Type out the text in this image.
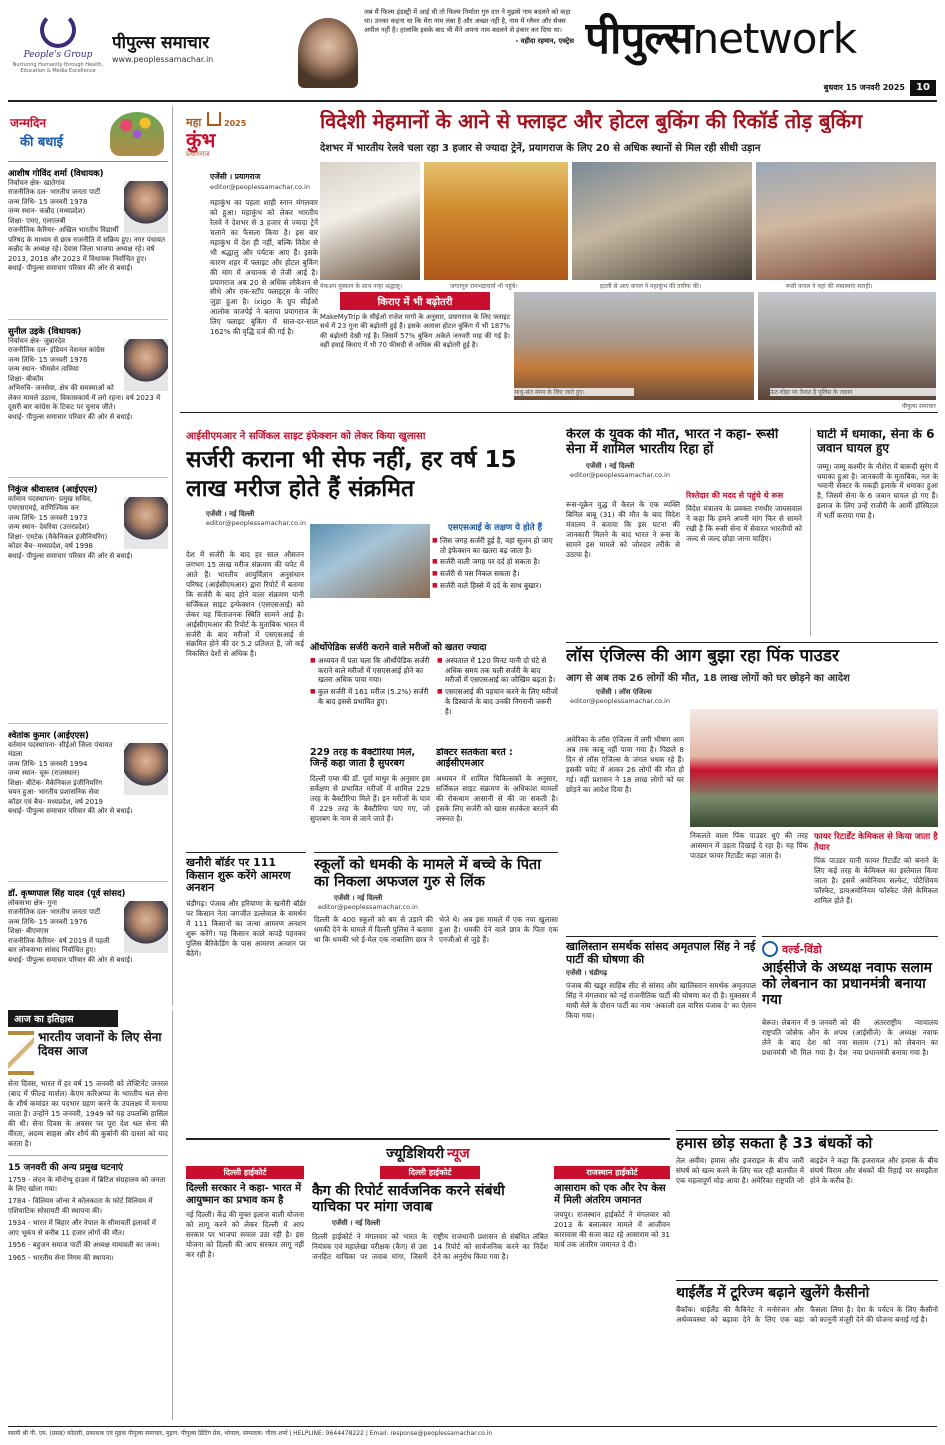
People's Group
Nurturing Humanity through Health, Education & Media Excellence
पीपुल्स समाचार
www.peoplessamachar.in
जब मैं फिल्म इंडस्ट्री में आई थी तो फिल्म निर्माता गुरु दत्त ने मुझसे नाम बदलने को कहा था। उनका कहना था कि मेरा नाम लंबा है और अच्छा नहीं है, नाम में ग्लैमर और सेक्स अपील नहीं है। हालांकि इसके बाद भी मैंने अपना नाम बदलने से इंकार कर दिया था।
- वहीदा रहमान, एक्ट्रेस पीपुल्सnetwork
बुधवार 15 जनवरी 2025	10
जन्मदिन
की बधाई
आशीष गोविंद शर्मा (विधायक)
निर्वाचन क्षेत्र- खातेगांव
राजनीतिक दल- भारतीय जनता पार्टी
जन्म तिथि- 15 जनवरी 1978
जन्म स्थान- कन्नौद (मध्यप्रदेश)
शिक्षा- एमए, एलएलबी
राजनीतिक कैरियर- अखिल भारतीय विद्यार्थी परिषद के माध्यम से छात्र राजनीति में सक्रिय हुए। नगर पंचायत कन्नौद के अध्यक्ष रहे। देवास जिला भाजपा अध्यक्ष रहे। वर्ष 2013, 2018 और 2023 में विधायक निर्वाचित हुए।
बधाई- पीपुल्स समाचार परिवार की ओर से बधाई।
सुनील उइके (विधायक)
निर्वाचन क्षेत्र- जुन्नारदेव
राजनीतिक दल- इंडियन नेशनल कांग्रेस
जन्म तिथि- 15 जनवरी 1976
जन्म स्थान- भीमसेन तामिया
शिक्षा- बीकॉम
अभिरुचि- जनसेवा, क्षेत्र की समस्याओं को लेकर मामले उठाना, विकासकार्य में लगे रहना। वर्ष 2023 में दूसरी बार कांग्रेस के टिकट पर चुनाव जीते।
बधाई- पीपुल्स समाचार परिवार की ओर से बधाई।
निकुंज श्रीवास्तव (आईएएस)
वर्तमान पदस्थापना- प्रमुख सचिव, एमएसएमई, वाणिज्यिक कर
जन्म तिथि- 15 जनवरी 1973
जन्म स्थान- देवरिया (उत्तरप्रदेश)
शिक्षा- एमटेक (मैकेनिकल इंजीनियरिंग)
कोडर बैच- मध्यप्रदेश, वर्ष 1998
बधाई- पीपुल्स समाचार परिवार की ओर से बधाई।
श्वेतांक कुमार (आईएएस)
वर्तमान पदस्थापना- सीईओ जिला पंचायत मंडला
जन्म तिथि- 15 जनवरी 1994
जन्म स्थान- चूरू (राजस्थान)
शिक्षा- बीटेक- मैकेनिकल इंजीनियरिंग
चयन हुआ- भारतीय प्रशासनिक सेवा
कॉडर एवं बैच- मध्यप्रदेश, वर्ष 2019
बधाई- पीपुल्स समाचार परिवार की ओर से बधाई।
डॉ. कृष्णपाल सिंह यादव (पूर्व सांसद)
लोकसभा क्षेत्र- गुना
राजनीतिक दल- भारतीय जनता पार्टी
जन्म तिथि- 15 जनवरी 1976
शिक्षा- बीएमएस
राजनीतिक कैरियर- वर्ष 2019 में पहली बार लोकसभा सांसद निर्वाचित हुए।
बधाई- पीपुल्स समाचार परिवार की ओर से बधाई।
आज का इतिहास
भारतीय जवानों के लिए सेना दिवस आज
सेना दिवस, भारत में हर वर्ष 15 जनवरी को लेफ्टिनेंट जनरल (बाद में फील्ड मार्शल) केएम करिअप्पा के भारतीय थल सेना के शीर्ष कमांडर का पदभार ग्रहण करने के उपलक्ष्य में मनाया जाता है। उन्होंने 15 जनवरी, 1949 को यह उपलब्धि हासिल की थी। सेना दिवस के अवसर पर पूरा देश थल सेना की वीरता, अदम्य साहस और शौर्य की कुर्बानी की दास्तां को याद करता है।
15 जनवरी की अन्य प्रमुख घटनाएं
1759 - लंदन के मॉन्टेग्यू हाउस में ब्रिटिश संग्रहालय को जनता के लिए खोला गया।
1784 - विलियम जोन्स ने कोलकाता के फोर्ट विलियम में एशियाटिक सोसायटी की स्थापना की।
1934 - भारत में बिहार और नेपाल के सीमावर्ती इलाकों में आए भूकंप से करीब 11 हजार लोगों की मौत।
1956 - बहुजन समाज पार्टी की अध्यक्ष मायावती का जन्म।
1965 - भारतीय सेना निगम की स्थापना।
महा	2025
कुंभ
प्रयागराज
विदेशी मेहमानों के आने से फ्लाइट और होटल बुकिंग की रिकॉर्ड तोड़ बुकिंग
देशभर में भारतीय रेलवे चला रहा 3 हजार से ज्यादा ट्रेनें, प्रयागराज के लिए 20 से अधिक स्थानों से मिल रही सीधी उड़ान
एजेंसी । प्रयागराज
editor@peoplessamachar.co.in
महाकुंभ का पहला शाही स्नान मंगलवार को हुआ। महाकुंभ को लेकर भारतीय रेलवे ने देशभर से 3 हजार से ज्यादा ट्रेनें चलाने का फैसला किया है। इस बार महाकुंभ में देश ही नहीं, बल्कि विदेश से भी श्रद्धालु और पर्यटक आए हैं। इसके कारण शहर में फ्लाइट और होटल बुकिंग की मांग में अचानक से तेजी आई है। प्रयागराज अब 20 से अधिक लोकेशन से सीधे और एक-स्टॉप फ्लाइट्स के जरिए जुड़ा हुआ है। ixigo के ग्रुप सीईओ आलोक वाजपेई ने बताया प्रयागराज के लिए फ्लाइट बुकिंग में साल-दर-साल 162% की वृद्धि दर्ज की गई है।
मेकअप मुस्कान के साथ नन्हा श्रद्धालु।	जगतगुरु रामभद्राचार्य भी पहुंचे।	इटली से आए कपल ने महाकुंभ की तारीफ की।	रूसी कपल ने यहां की व्यवस्थाएं सराही।
किराए में भी बढ़ोतरी
MakeMyTrip के सीईओ राजेश मागो के अनुसार, प्रयागराज के लिए फ्लाइट सर्च में 23 गुना की बढ़ोतरी हुई है। इसके अलावा होटल बुकिंग में भी 187% की बढ़ोतरी देखी गई है। जिसमें 57% बुकिंग अकेले जनवरी माह की गई है। वहीं हवाई किराए में भी 70 फीसदी से अधिक की बढ़ोतरी हुई है।
साधु-संत स्नान के लिए जाते हुए।	ऊंट-घोड़ा पर तैनात है पुलिस के जवान
पीपुल्स समाचार
आईसीएमआर ने सर्जिकल साइट इंफेक्शन को लेकर किया खुलासा
सर्जरी कराना भी सेफ नहीं, हर वर्ष 15 लाख मरीज होते हैं संक्रमित
एजेंसी । नई दिल्ली
editor@peoplessamachar.co.in
देश में सर्जरी के बाद हर साल औसतन लगभग 15 लाख मरीज संक्रमण की चपेट में आते हैं। भारतीय आयुर्विज्ञान अनुसंधान परिषद (आईसीएमआर) द्वारा रिपोर्ट में बताया कि सर्जरी के बाद होने वाला संक्रमण यानी सर्जिकल साइट इन्फेक्शन (एसएसआई) को लेकर यह चिंताजनक स्थिति सामने आई है। आईसीएमआर की रिपोर्ट के मुताबिक भारत में सर्जरी के बाद मरीजों में एसएसआई से संक्रमित होने की दर 5.2 प्रतिशत है, जो कई विकसित देशों से अधिक है।
एसएसआई के लक्षण ये होते हैं
■ जिस जगह सर्जरी हुई है, वहां सूजन हो जाए तो इंफेक्शन का खतरा बढ़ जाता है।
■ सर्जरी वाली जगह पर दर्द हो सकता है।
■ सर्जरी से पस निकल सकता है।
■ सर्जरी वाले हिस्से में दर्द के साथ बुखार।
ऑर्थोपेडिक सर्जरी कराने वाले मरीजों को खतरा ज्यादा
■ अध्ययन में पता चला कि ऑर्थोपेडिक सर्जरी कराने वाले मरीजों में एसएसआई होने का खतरा अधिक पाया गया।
■ कुल सर्जरी में 161 मरीज (5.2%) सर्जरी के बाद इससे प्रभावित हुए।
■ अस्पताल में 120 मिनट यानी दो घंटे से अधिक समय तक चली सर्जरी के बाद मरीजों में एसएसआई का जोखिम बढ़ता है।
■ एसएसआई की पहचान करने के लिए मरीजों के डिस्चार्ज के बाद उनकी निगरानी जरूरी है।
229 तरह के बैक्टीरिया मिले, जिन्हें कहा जाता है सुपरबग
दिल्ली एम्स की डॉ. पूर्वा माथुर के अनुसार इस सर्वेक्षण से प्रभावित मरीजों में शामिल 229 तरह के बैक्टीरिया मिले हैं। इन मरीजों के घाव में 229 तरह के बैक्टीरिया पाए गए, जो सुपरबग के नाम से जाने जाते हैं।
डॉक्टर सतर्कता बरतें : आईसीएमआर
अध्ययन में शामिल चिकित्सकों के अनुसार, सर्जिकल साइट संक्रमण के अधिकांश मामलों की रोकथाम आसानी से की जा सकती है। इसके लिए सर्जरी को खास सतर्कता बरतने की जरूरत है।
केरल के युवक की मौत, भारत ने कहा- रूसी सेना में शामिल भारतीय रिहा हों
एजेंसी । नई दिल्ली
editor@peoplessamachar.co.in
रूस-यूक्रेन युद्ध में केरल के एक व्यक्ति बिनिल बाबू (31) की मौत के बाद विदेश मंत्रालय ने बताया कि इस घटना की जानकारी मिलने के बाद भारत ने रूस के सामने इस मामले को जोरदार तरीके से उठाया है।
रिश्तेदार की मदद से पहुंचे थे रूस
विदेश मंत्रालय के प्रवक्ता रणधीर जायसवाल ने कहा कि हमने अपनी मांग फिर से सामने रखी है कि रूसी सेना में सेवारत भारतीयों को जल्द से जल्द छोड़ा जाना चाहिए।
घाटी में धमाका, सेना के 6 जवान घायल हुए
जम्मू। जम्मू कश्मीर के नौशेरा में बारूदी सुरंग में धमाका हुआ है। जानकारी के मुताबिक, नल के भवानी सेक्टर के मकड़ी इलाके में धमाका हुआ है, जिसमें सेना के 6 जवान घायल हो गए हैं। इलाज के लिए उन्हें राजौरी के आर्मी हॉस्पिटल में भर्ती कराया गया है।
लॉस एंजिल्स की आग बुझा रहा पिंक पाउडर
आग से अब तक 26 लोगों की मौत, 18 लाख लोगों को घर छोड़ने का आदेश
एजेंसी । लॉस एंजिल्स
editor@peoplessamachar.co.in
अमेरिका के लॉस एंजिल्स में लगी भीषण आग अब तक काबू नहीं पाया गया है। पिछले 8 दिन से लॉस एंजिल्स के जंगल धधक रहे हैं। इसकी चपेट में आकर 26 लोगों की मौत हो गई। वहीं प्रशासन ने 18 लाख लोगों को घर छोड़ने का आदेश दिया है।
निकलते वाला पिंक पाउडर धुएं की तरह आसमान में उड़ता दिखाई दे रहा है। यह पिंक पाउडर फायर रिटार्डेंट कहा जाता है।
फायर रिटार्डेंट केमिकल से किया जाता है तैयार
पिंक पाउडर यानी फायर रिटार्डेंट को बनाने के लिए कई तरह के केमिकल का इस्तेमाल किया जाता है। इसमें अमोनियम सल्फेट, पोटैशियम फॉस्फेट, डायअमोनियम फॉस्फेट जैसे केमिकल शामिल होते हैं।
खनौरी बॉर्डर पर 111 किसान शुरू करेंगे आमरण अनशन
चंडीगढ़। पंजाब और हरियाणा के खनौरी बॉर्डर पर किसान नेता जगजीत डल्लेवाल के समर्थन में 111 किसानों का जत्था आमरण अनशन शुरू करेंगे। यह किसान काले कपड़े पहनकर पुलिस बैरिकेडिंग के पास आमरण अनशन पर बैठेंगे।
स्कूलों को धमकी के मामले में बच्चे के पिता का निकला अफजल गुरु से लिंक
एजेंसी । नई दिल्ली
editor@peoplessamachar.co.in
दिल्ली के 400 स्कूलों को बम से उड़ाने की धमकी देने के मामले में दिल्ली पुलिस ने बताया था कि धमकी भरे ई-मेल एक नाबालिग छात्र ने भेजे थे। अब इस मामले में एक नया खुलासा हुआ है। धमकी देने वाले छात्र के पिता एक एनजीओ से जुड़े हैं।
खालिस्तान समर्थक सांसद अमृतपाल सिंह ने नई पार्टी की घोषणा की
एजेंसी । चंडीगढ़
पंजाब की खडूर साहिब सीट से सांसद और खालिस्तान समर्थक अमृतपाल सिंह ने मंगलवार को नई राजनीतिक पार्टी की घोषणा कर दी है। मुक्तसर में माघी मेले के दौरान पार्टी का नाम 'अकाली दल वारिस पंजाब दे' का ऐलान किया गया।
वर्ल्ड-विंडो
आईसीजे के अध्यक्ष नवाफ सलाम को लेबनान का प्रधानमंत्री बनाया गया
बेरूत। लेबनान में 9 जनवरी को राष्ट्रपति जोसेफ औन के शपथ लेने के बाद देश को नया प्रधानमंत्री भी मिल गया है। देश की अंतरराष्ट्रीय न्यायालय (आईसीजे) के अध्यक्ष नवाफ सलाम (71) को लेबनान का नया प्रधानमंत्री बनाया गया है।
हमास छोड़ सकता है 33 बंधकों को
तेल अवीव। हमास और इजराइल के बीच जारी संघर्ष को खत्म करने के लिए चल रही बातचीत में एक महत्वपूर्ण मोड़ आया है। अमेरिका राष्ट्रपति जो बाइडेन ने कहा कि इजरायल और हमास के बीच संघर्ष विराम और बंधकों की रिहाई पर समझौता होने के करीब है।
थाईलैंड में टूरिज्म बढ़ाने खुलेंगे कैसीनो
बैंकॉक। थाईलैंड की कैबिनेट ने मनोरंजन और अर्थव्यवस्था को बढ़ावा देने के लिए एक बड़ा फैसला लिया है। देश के पर्यटन के लिए कैसीनो को कानूनी मंजूरी देने की योजना बनाई गई है।
ज्यूडिशियरी न्यूज
दिल्ली हाईकोर्ट
दिल्ली सरकार ने कहा- भारत में आयुष्मान का प्रभाव कम है
नई दिल्ली। केंद्र की मुफ्त इलाज वाली योजना को लागू करने को लेकर दिल्ली में आप सरकार पर भाजपा सवाल उठा रही है। इस योजना को दिल्ली की आप सरकार लागू नहीं कर रही है।
दिल्ली हाईकोर्ट
कैग की रिपोर्ट सार्वजनिक करने संबंधी याचिका पर मांगा जवाब
एजेंसी । नई दिल्ली
दिल्ली हाईकोर्ट ने मंगलवार को भारत के नियंत्रक एवं महालेखा परीक्षक (कैग) से उस जनहित याचिका पर जवाब मांगा, जिसमें राष्ट्रीय राजधानी प्रशासन से संबंधित लंबित 14 रिपोर्ट को सार्वजनिक करने का निर्देश देने का अनुरोध किया गया है।
राजस्थान हाईकोर्ट
आसाराम को एक और रेप केस में मिली अंतरिम जमानत
जयपुर। राजस्थान हाईकोर्ट ने मंगलवार को 2013 के बलात्कार मामले में आजीवन कारावास की सजा काट रहे आसाराम को 31 मार्च तक अंतरिम जमानत दे दी।
स्वामी श्री पी. एम. (प्रसन्न) कोठारी, प्रकाशक एवं मुद्रक पीपुल्स समाचार, मुद्रण: पीपुल्स प्रिंटिंग प्रेस, भोपाल, सम्पादक: गौरव शर्मा | HELPLINE: 9644478222 | Email: response@peoplessamachar.co.in
